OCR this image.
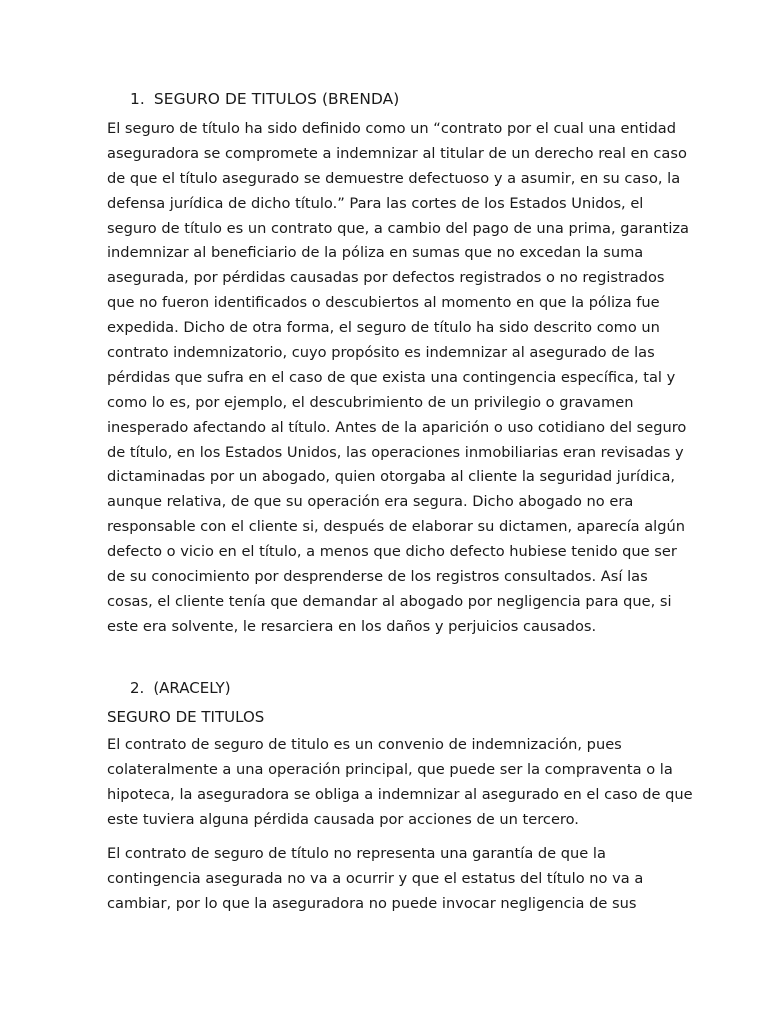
1. SEGURO DE TITULOS (BRENDA)
El seguro de título ha sido definido como un “contrato por el cual una entidad
aseguradora se compromete a indemnizar al titular de un derecho real en caso
de que el título asegurado se demuestre defectuoso y a asumir, en su caso, la
defensa jurídica de dicho título.” Para las cortes de los Estados Unidos, el
seguro de título es un contrato que, a cambio del pago de una prima, garantiza
indemnizar al beneficiario de la póliza en sumas que no excedan la suma
asegurada, por pérdidas causadas por defectos registrados o no registrados
que no fueron identificados o descubiertos al momento en que la póliza fue
expedida. Dicho de otra forma, el seguro de título ha sido descrito como un
contrato indemnizatorio, cuyo propósito es indemnizar al asegurado de las
pérdidas que sufra en el caso de que exista una contingencia específica, tal y
como lo es, por ejemplo, el descubrimiento de un privilegio o gravamen
inesperado afectando al título. Antes de la aparición o uso cotidiano del seguro
de título, en los Estados Unidos, las operaciones inmobiliarias eran revisadas y
dictaminadas por un abogado, quien otorgaba al cliente la seguridad jurídica,
aunque relativa, de que su operación era segura. Dicho abogado no era
responsable con el cliente si, después de elaborar su dictamen, aparecía algún
defecto o vicio en el título, a menos que dicho defecto hubiese tenido que ser
de su conocimiento por desprenderse de los registros consultados. Así las
cosas, el cliente tenía que demandar al abogado por negligencia para que, si
este era solvente, le resarciera en los daños y perjuicios causados.
2. (ARACELY)
SEGURO DE TITULOS
El contrato de seguro de titulo es un convenio de indemnización, pues
colateralmente a una operación principal, que puede ser la compraventa o la
hipoteca, la aseguradora se obliga a indemnizar al asegurado en el caso de que
este tuviera alguna pérdida causada por acciones de un tercero.
El contrato de seguro de título no representa una garantía de que la
contingencia asegurada no va a ocurrir y que el estatus del título no va a
cambiar, por lo que la aseguradora no puede invocar negligencia de sus
